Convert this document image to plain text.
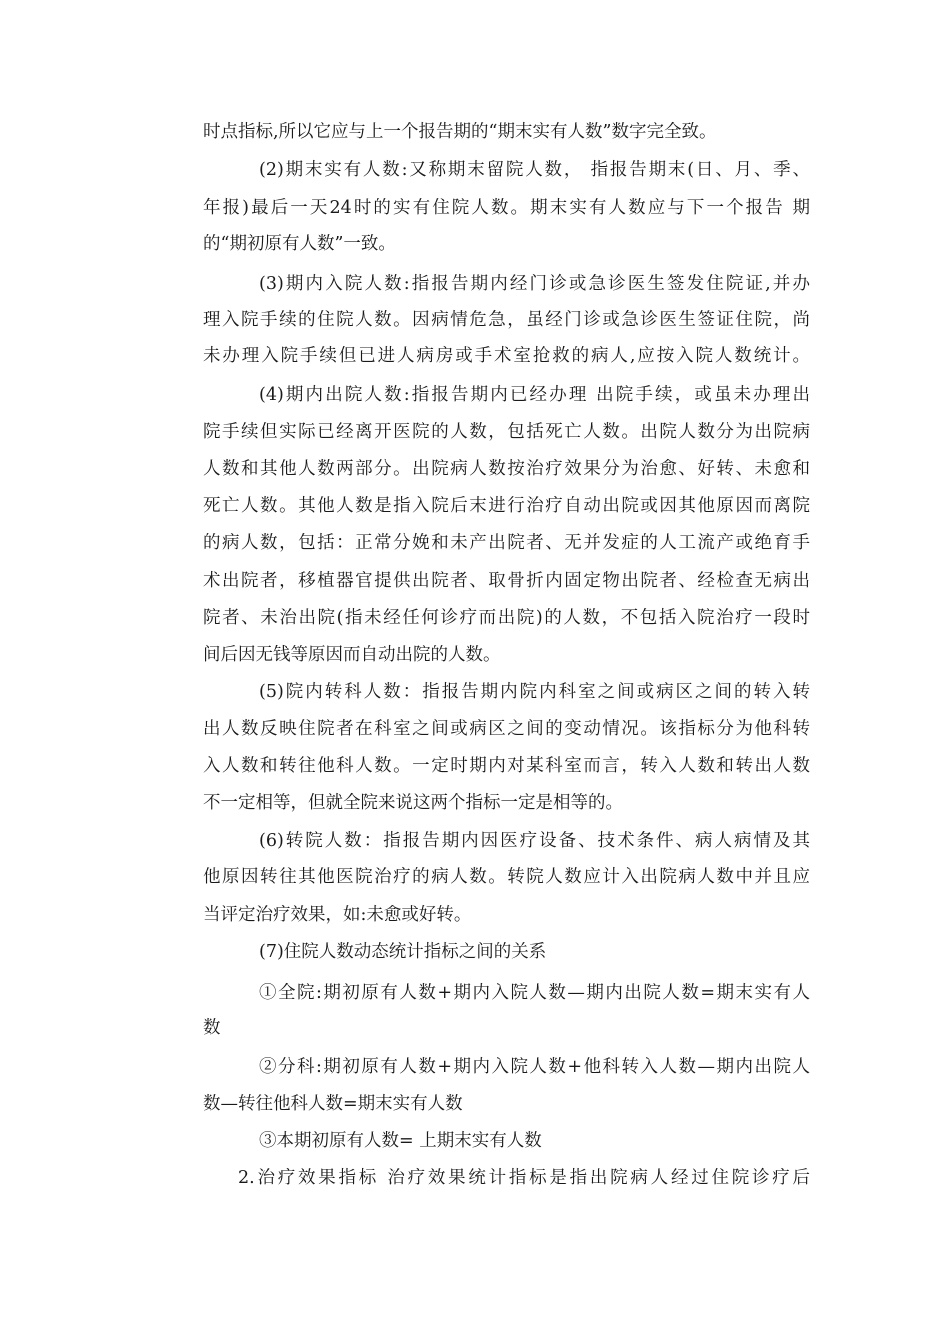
时点指标,所以它应与上一个报告期的“期末实有人数”数字完全致。
(2)期末实有人数:又称期末留院人数， 指报告期末(日、月、季、
年报)最后一天24时的实有住院人数。期末实有人数应与下一个报告 期
的“期初原有人数”一致。
(3)期内入院人数:指报告期内经门诊或急诊医生签发住院证,并办
理入院手续的住院人数。因病情危急，虽经门诊或急诊医生签证住院，尚
未办理入院手续但已进人病房或手术室抢救的病人,应按入院人数统计。
(4)期内出院人数:指报告期内已经办理 出院手续，或虽未办理出
院手续但实际已经离开医院的人数，包括死亡人数。出院人数分为出院病
人数和其他人数两部分。出院病人数按治疗效果分为治愈、好转、未愈和
死亡人数。其他人数是指入院后末进行治疗自动出院或因其他原因而离院
的病人数，包括：正常分娩和未产出院者、无并发症的人工流产或绝育手
术出院者，移植器官提供出院者、取骨折内固定物出院者、经检查无病出
院者、未治出院(指未经任何诊疗而出院)的人数，不包括入院治疗一段时
间后因无钱等原因而自动出院的人数。
(5)院内转科人数：指报告期内院内科室之间或病区之间的转入转
出人数反映住院者在科室之间或病区之间的变动情况。该指标分为他科转
入人数和转往他科人数。一定时期内对某科室而言，转入人数和转出人数
不一定相等，但就全院来说这两个指标一定是相等的。
(6)转院人数：指报告期内因医疗设备、技术条件、病人病情及其
他原因转往其他医院治疗的病人数。转院人数应计入出院病人数中并且应
当评定治疗效果，如:未愈或好转。
(7)住院人数动态统计指标之间的关系
①全院:期初原有人数+期内入院人数—期内出院人数=期末实有人
数
②分科:期初原有人数+期内入院人数+他科转入人数—期内出院人
数—转往他科人数=期末实有人数
③本期初原有人数= 上期末实有人数
2.治疗效果指标 治疗效果统计指标是指出院病人经过住院诊疗后
